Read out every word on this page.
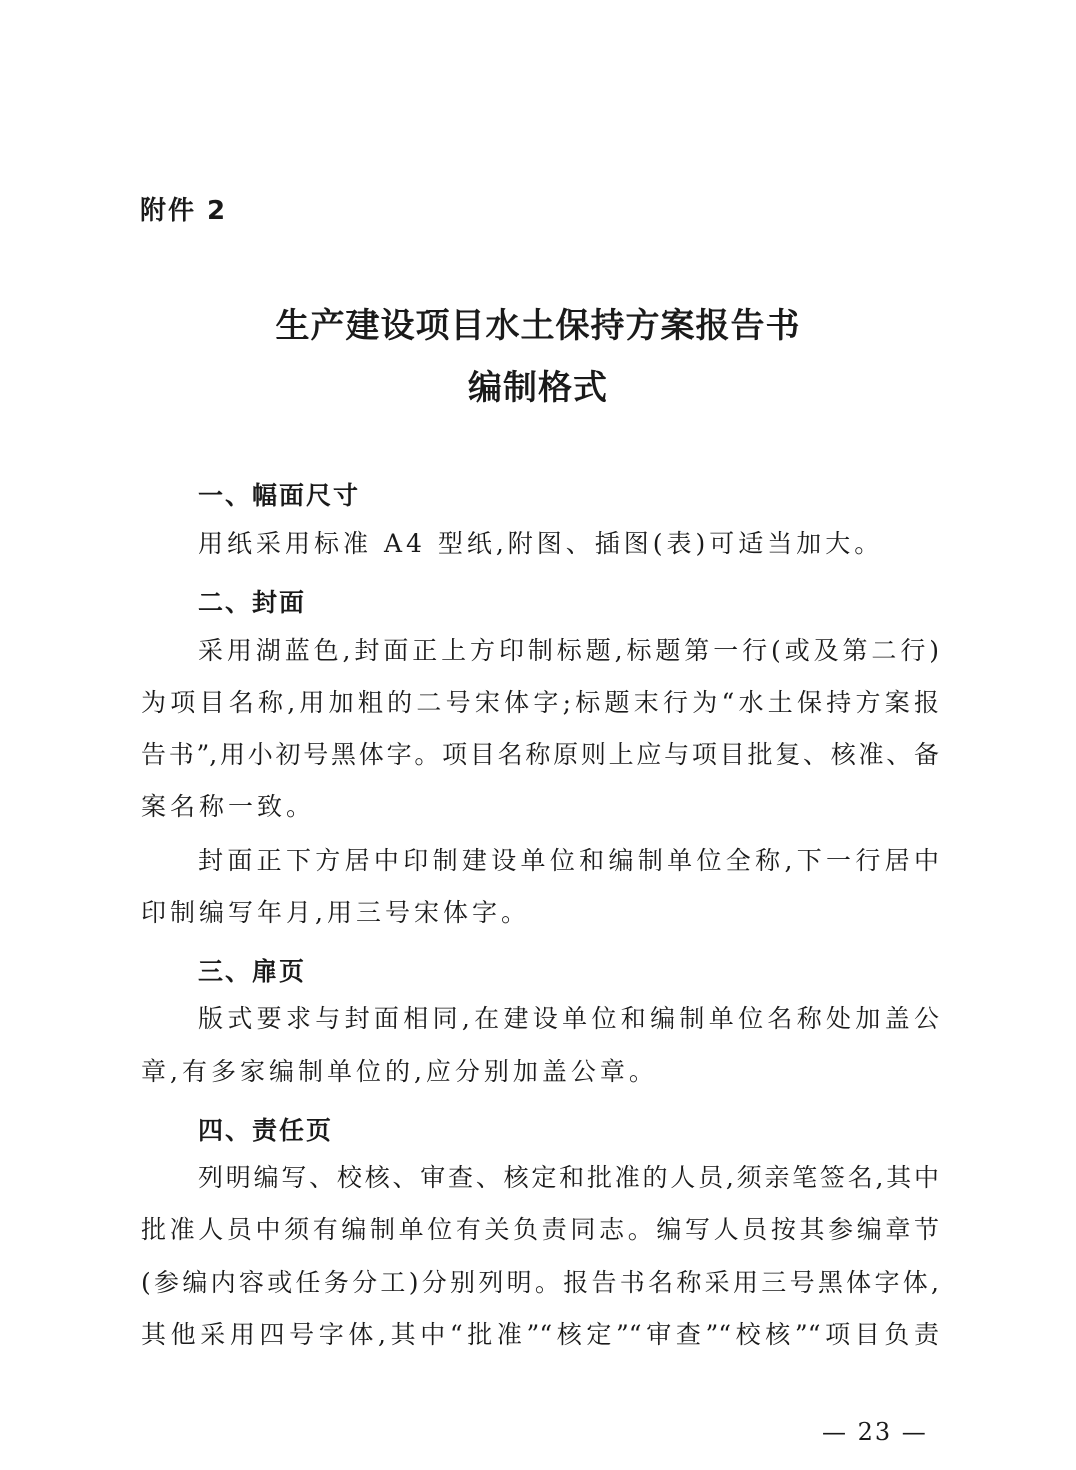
附件 2
生产建设项目水土保持方案报告书
编制格式
一、幅面尺寸
用纸采用标准 A4 型纸,附图、插图(表)可适当加大。
二、封面
采用湖蓝色,封面正上方印制标题,标题第一行(或及第二行)
为项目名称,用加粗的二号宋体字;标题末行为“水土保持方案报
告书”,用小初号黑体字。项目名称原则上应与项目批复、核准、备
案名称一致。
封面正下方居中印制建设单位和编制单位全称,下一行居中
印制编写年月,用三号宋体字。
三、扉页
版式要求与封面相同,在建设单位和编制单位名称处加盖公
章,有多家编制单位的,应分别加盖公章。
四、责任页
列明编写、校核、审查、核定和批准的人员,须亲笔签名,其中
批准人员中须有编制单位有关负责同志。编写人员按其参编章节
(参编内容或任务分工)分别列明。报告书名称采用三号黑体字体,
其他采用四号字体,其中“批准”“核定”“审查”“校核”“项目负责
— 23 —
